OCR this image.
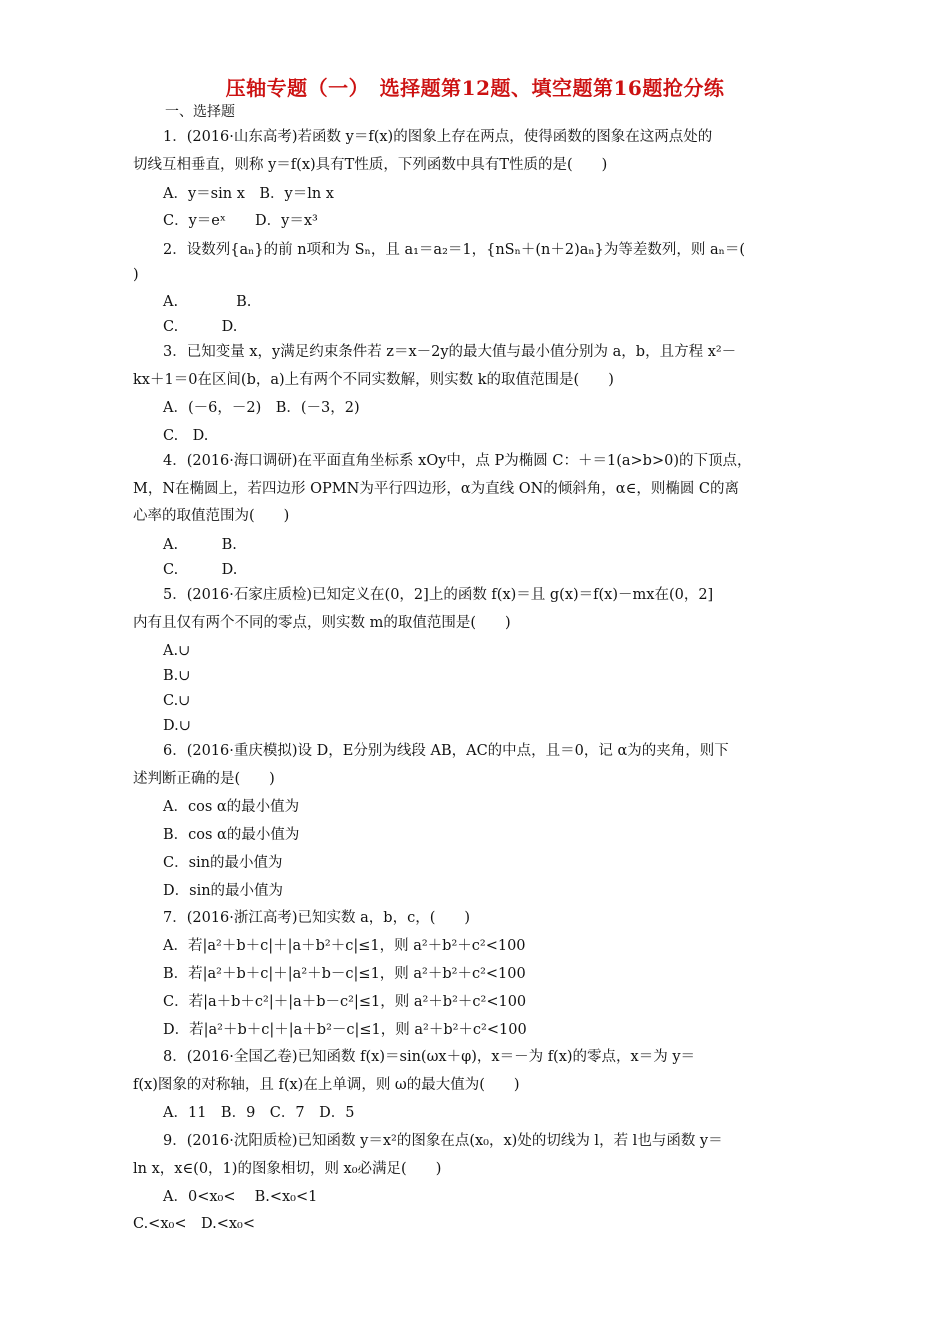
压轴专题（一）　选择题第12题、填空题第16题抢分练
一、选择题
1．(2016·山东高考)若函数 y＝f(x)的图象上存在两点，使得函数的图象在这两点处的
切线互相垂直，则称 y＝f(x)具有T性质，下列函数中具有T性质的是(　　)
A．y＝sin x　B．y＝ln x
C．y＝eˣ　　D．y＝x³
2．设数列{aₙ}的前 n项和为 Sₙ，且 a₁＝a₂＝1，{nSₙ＋(n＋2)aₙ}为等差数列，则 aₙ＝(
)
A.　　　　B.
C.　　　D.
3．已知变量 x，y满足约束条件若 z＝x－2y的最大值与最小值分别为 a，b，且方程 x²－
kx＋1＝0在区间(b，a)上有两个不同实数解，则实数 k的取值范围是(　　)
A．(－6，－2)　B．(－3，2)
C.　D.
4．(2016·海口调研)在平面直角坐标系 xOy中，点 P为椭圆 C：＋＝1(a>b>0)的下顶点，
M，N在椭圆上，若四边形 OPMN为平行四边形，α为直线 ON的倾斜角，α∈，则椭圆 C的离
心率的取值范围为(　　)
A.　　　B.
C.　　　D.
5．(2016·石家庄质检)已知定义在(0，2]上的函数 f(x)＝且 g(x)＝f(x)－mx在(0，2]
内有且仅有两个不同的零点，则实数 m的取值范围是(　　)
A.∪
B.∪
C.∪
D.∪
6．(2016·重庆模拟)设 D，E分别为线段 AB，AC的中点，且＝0，记 α为的夹角，则下
述判断正确的是(　　)
A．cos α的最小值为
B．cos α的最小值为
C．sin的最小值为
D．sin的最小值为
7．(2016·浙江高考)已知实数 a，b，c，(　　)
A．若|a²＋b＋c|＋|a＋b²＋c|≤1，则 a²＋b²＋c²<100
B．若|a²＋b＋c|＋|a²＋b－c|≤1，则 a²＋b²＋c²<100
C．若|a＋b＋c²|＋|a＋b－c²|≤1，则 a²＋b²＋c²<100
D．若|a²＋b＋c|＋|a＋b²－c|≤1，则 a²＋b²＋c²<100
8．(2016·全国乙卷)已知函数 f(x)＝sin(ωx＋φ)，x＝－为 f(x)的零点，x＝为 y＝
f(x)图象的对称轴，且 f(x)在上单调，则 ω的最大值为(　　)
A．11　B．9　C．7　D．5
9．(2016·沈阳质检)已知函数 y＝x²的图象在点(x₀，x)处的切线为 l，若 l也与函数 y＝
ln x，x∈(0，1)的图象相切，则 x₀必满足(　　)
A．0<x₀<　 B.<x₀<1
C.<x₀<　D.<x₀<
